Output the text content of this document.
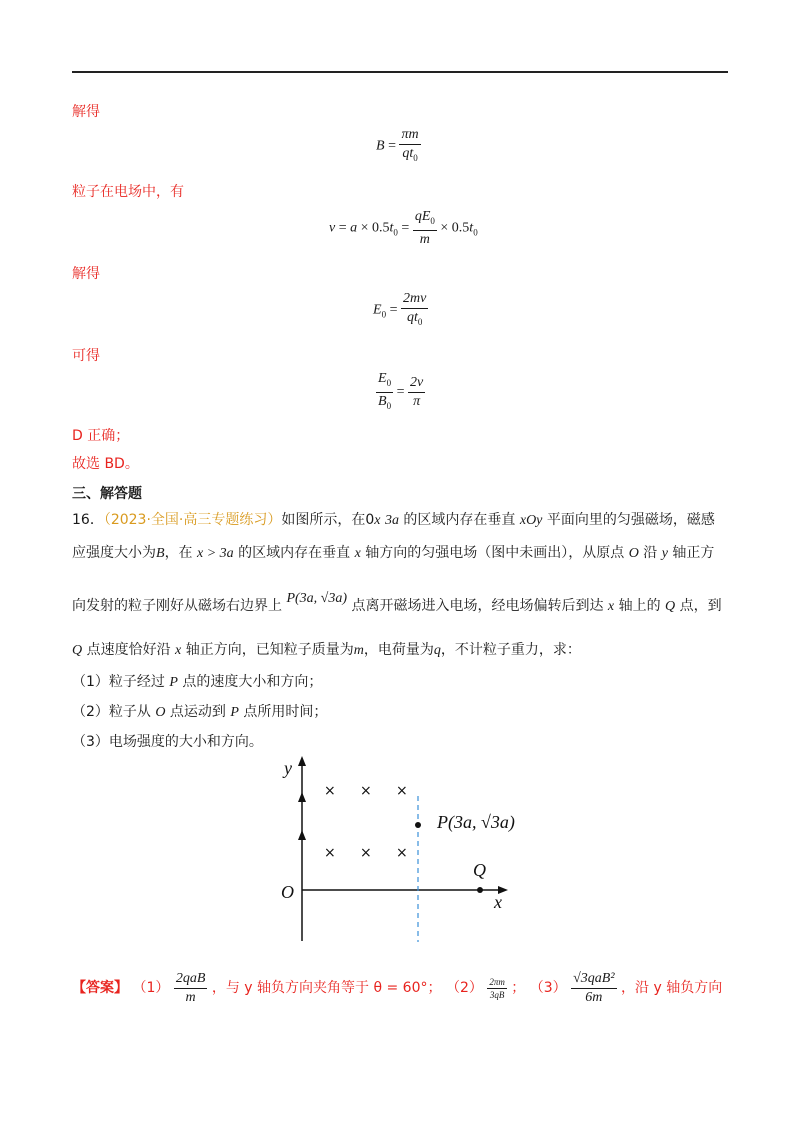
解得
$B = \frac{\pi m}{qt_0}$
粒子在电场中，有
$v = a \times 0.5t_0 = \frac{qE_0}{m} \times 0.5t_0$
解得
$E_0 = \frac{2mv}{qt_0}$
可得
$\frac{E_0}{B_0} = \frac{2v}{\pi}$
D 正确；
故选 BD。
三、解答题
16．（2023·全国·高三专题练习）如图所示，在0x 3a 的区域内存在垂直 xOy 平面向里的匀强磁场，磁感
应强度大小为B，在 x > 3a 的区域内存在垂直 x 轴方向的匀强电场（图中未画出），从原点 O 沿 y 轴正方
向发射的粒子刚好从磁场右边界上 P(3a, √3a) 点离开磁场进入电场，经电场偏转后到达 x 轴上的 Q 点，到
Q 点速度恰好沿 x 轴正方向，已知粒子质量为m，电荷量为q，不计粒子重力，求：
（1）粒子经过 P 点的速度大小和方向；
（2）粒子从 O 点运动到 P 点所用时间；
（3）电场强度的大小和方向。
× × ×
× × ×
y
x
O
P(3a, √3a)
Q
【答案】 $(1) \frac{\text{2qaB}}{m}$ ，与 y 轴负方向夹角等于 θ = 60°； $(2) \frac{2\pi m}{3qB}$ ； $(3) \frac{\text{√3qaB²}}{6m}$ ，沿 y 轴负方向
